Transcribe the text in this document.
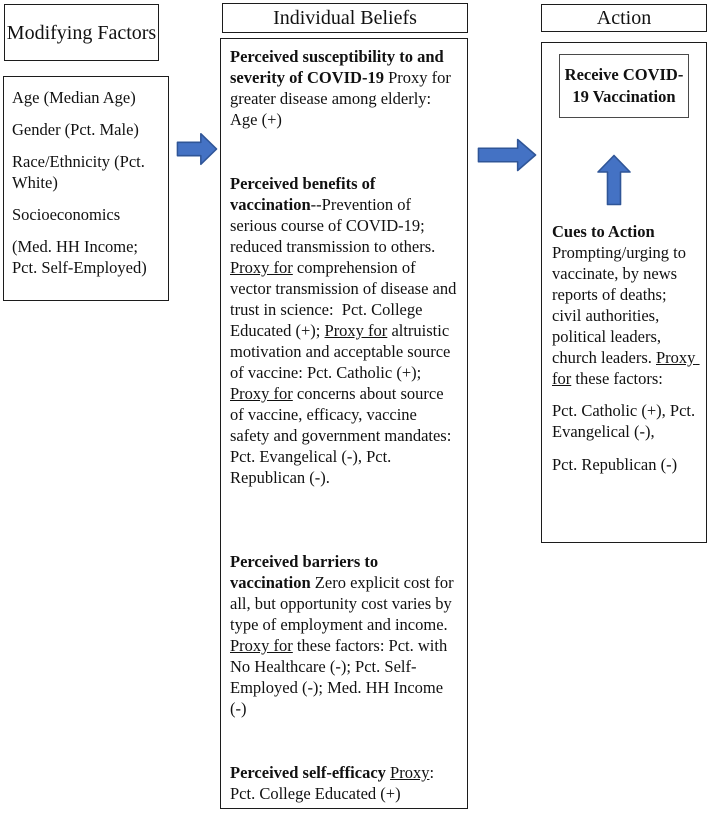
Modifying Factors

Age (Median Age)

Gender (Pct. Male)

Race/Ethnicity (Pct. White)

Socioeconomics

(Med. HH Income; Pct. Self-Employed)

Individual Beliefs

Perceived susceptibility to and severity of COVID-19 Proxy for greater disease among elderly: Age (+)

Perceived benefits of vaccination--Prevention of serious course of COVID-19; reduced transmission to others. Proxy for comprehension of vector transmission of disease and trust in science:  Pct. College Educated (+); Proxy for altruistic motivation and acceptable source of vaccine: Pct. Catholic (+); Proxy for concerns about source of vaccine, efficacy, vaccine safety and government mandates: Pct. Evangelical (-), Pct. Republican (-).

Perceived barriers to vaccination Zero explicit cost for all, but opportunity cost varies by type of employment and income. Proxy for these factors: Pct. with No Healthcare (-); Pct. Self-Employed (-); Med. HH Income (-)

Perceived self-efficacy Proxy: Pct. College Educated (+)

Action
Receive COVID-19 Vaccination

Cues to Action Prompting/urging to vaccinate, by news reports of deaths; civil authorities, political leaders, church leaders. Proxy for these factors:

Pct. Catholic (+), Pct. Evangelical (-),

Pct. Republican (-)
